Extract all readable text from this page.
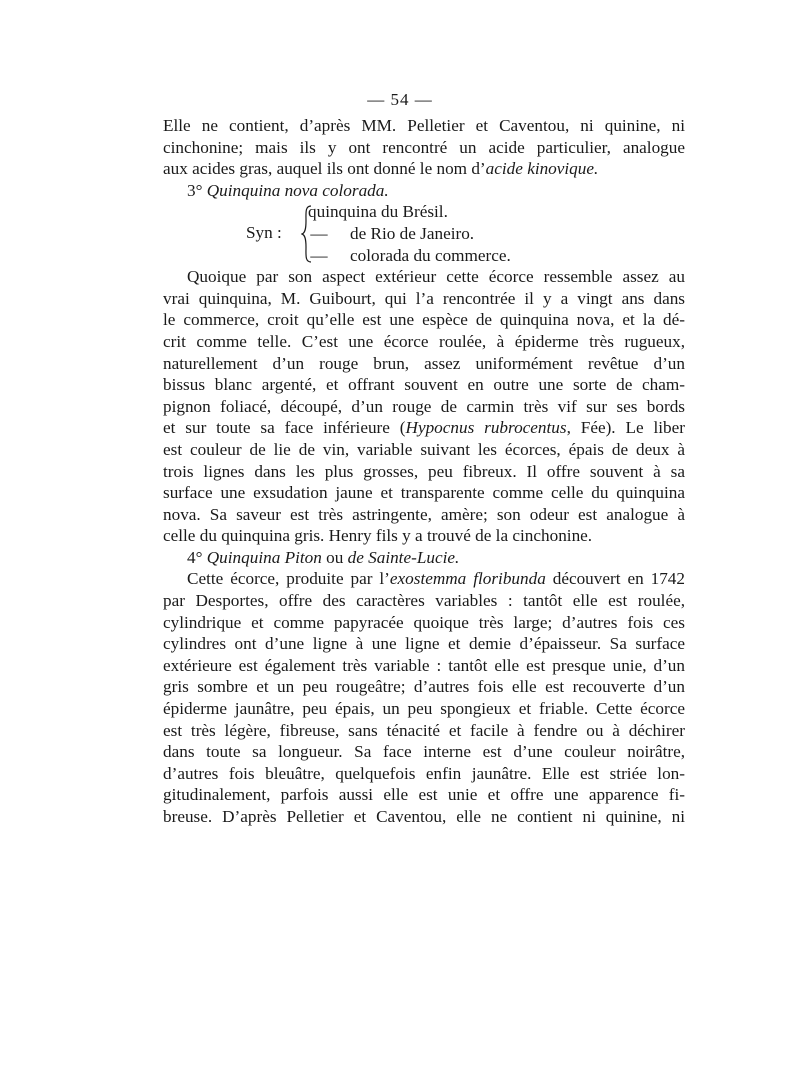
— 54 —
Elle ne contient, d’après MM. Pelletier et Caventou, ni quinine, ni
cinchonine; mais ils y ont rencontré un acide particulier, analogue
aux acides gras, auquel ils ont donné le nom d’acide kinovique.
3° Quinquina nova colorada.
Syn :
quinquina du Brésil.
— de Rio de Janeiro.
— colorada du commerce.
Quoique par son aspect extérieur cette écorce ressemble assez au
vrai quinquina, M. Guibourt, qui l’a rencontrée il y a vingt ans dans
le commerce, croit qu’elle est une espèce de quinquina nova, et la dé-
crit comme telle. C’est une écorce roulée, à épiderme très rugueux,
naturellement d’un rouge brun, assez uniformément revêtue d’un
bissus blanc argenté, et offrant souvent en outre une sorte de cham-
pignon foliacé, découpé, d’un rouge de carmin très vif sur ses bords
et sur toute sa face inférieure (Hypocnus rubrocentus, Fée). Le liber
est couleur de lie de vin, variable suivant les écorces, épais de deux à
trois lignes dans les plus grosses, peu fibreux. Il offre souvent à sa
surface une exsudation jaune et transparente comme celle du quinquina
nova. Sa saveur est très astringente, amère; son odeur est analogue à
celle du quinquina gris. Henry fils y a trouvé de la cinchonine.
4° Quinquina Piton ou de Sainte-Lucie.
Cette écorce, produite par l’exostemma floribunda découvert en 1742
par Desportes, offre des caractères variables : tantôt elle est roulée,
cylindrique et comme papyracée quoique très large; d’autres fois ces
cylindres ont d’une ligne à une ligne et demie d’épaisseur. Sa surface
extérieure est également très variable : tantôt elle est presque unie, d’un
gris sombre et un peu rougeâtre; d’autres fois elle est recouverte d’un
épiderme jaunâtre, peu épais, un peu spongieux et friable. Cette écorce
est très légère, fibreuse, sans ténacité et facile à fendre ou à déchirer
dans toute sa longueur. Sa face interne est d’une couleur noirâtre,
d’autres fois bleuâtre, quelquefois enfin jaunâtre. Elle est striée lon-
gitudinalement, parfois aussi elle est unie et offre une apparence fi-
breuse. D’après Pelletier et Caventou, elle ne contient ni quinine, ni
